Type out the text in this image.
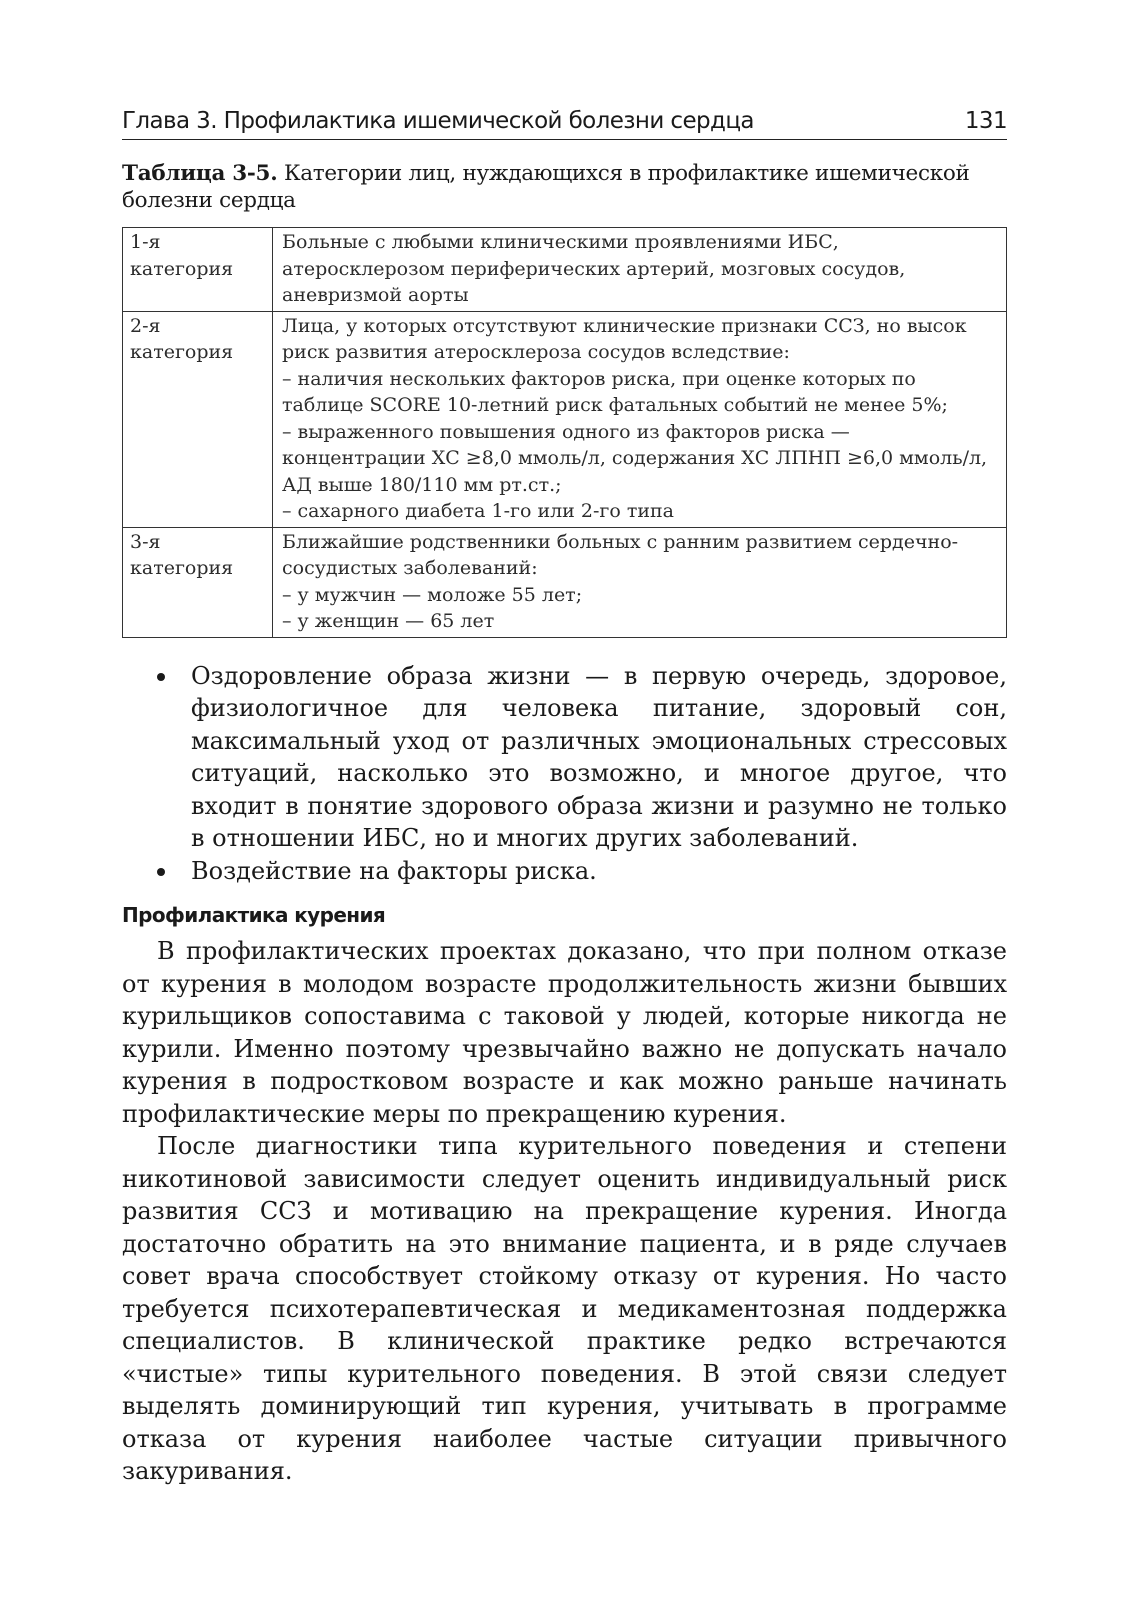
Глава 3. Профилактика ишемической болезни сердца	131
Таблица 3-5. Категории лиц, нуждающихся в профилактике ишемической болезни сердца
1-я категория	Больные с любыми клиническими проявлениями ИБС, атеросклерозом периферических артерий, мозговых сосудов, аневризмой аорты

2-я категория	Лица, у которых отсутствуют клинические признаки ССЗ, но высок риск развития атеросклероза сосудов вследствие:
– наличия нескольких факторов риска, при оценке которых по таблице SCORE 10-летний риск фатальных событий не менее 5%;
– выраженного повышения одного из факторов риска — концентрации ХС ≥8,0 ммоль/л, содержания ХС ЛПНП ≥6,0 ммоль/л, АД выше 180/110 мм рт.ст.;
– сахарного диабета 1-го или 2-го типа

3-я категория	Ближайшие родственники больных с ранним развитием сердечно-сосудистых заболеваний:
– у мужчин — моложе 55 лет;
– у женщин — 65 лет
Оздоровление образа жизни — в первую очередь, здоровое, физиологичное для человека питание, здоровый сон, максимальный уход от различных эмоциональных стрессовых ситуаций, насколько это возможно, и многое другое, что входит в понятие здорового образа жизни и разумно не только в отношении ИБС, но и многих других заболеваний.
Воздействие на факторы риска.
Профилактика курения

В профилактических проектах доказано, что при полном отказе от курения в молодом возрасте продолжительность жизни бывших курильщиков сопоставима с таковой у людей, которые никогда не курили. Именно поэтому чрезвычайно важно не допускать начало курения в подростковом возрасте и как можно раньше начинать профилактические меры по прекращению курения.

После диагностики типа курительного поведения и степени никотиновой зависимости следует оценить индивидуальный риск развития ССЗ и мотивацию на прекращение курения. Иногда достаточно обратить на это внимание пациента, и в ряде случаев совет врача способствует стойкому отказу от курения. Но часто требуется психотерапевтическая и медикаментозная поддержка специалистов. В клинической практике редко встречаются «чистые» типы курительного поведения. В этой связи следует выделять доминирующий тип курения, учитывать в программе отказа от курения наиболее частые ситуации привычного закуривания.
